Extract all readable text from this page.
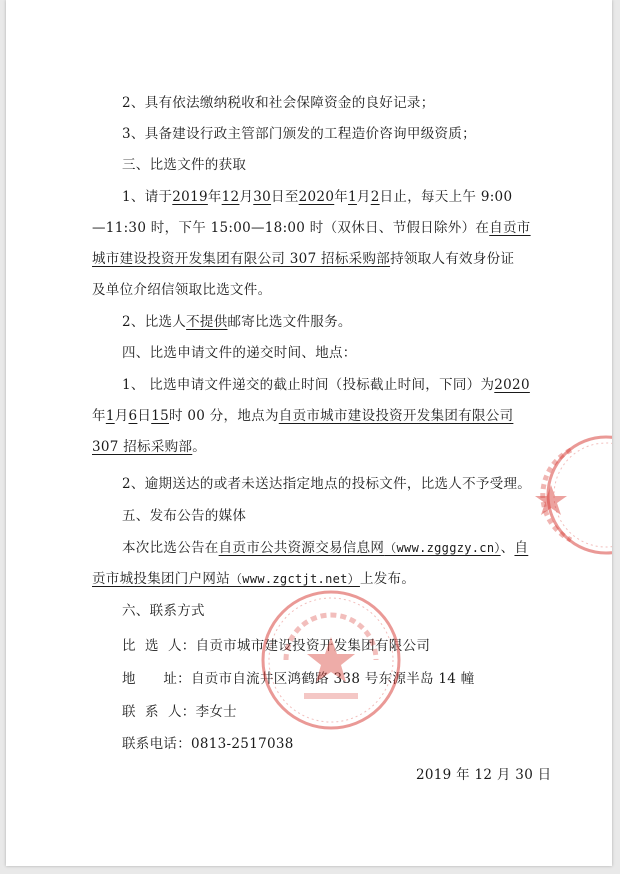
2、具有依法缴纳税收和社会保障资金的良好记录；
3、具备建设行政主管部门颁发的工程造价咨询甲级资质；
三、比选文件的获取
1、请于2019年12月30日至2020年1月2日止，每天上午 9:00
—11:30 时，下午 15:00—18:00 时（双休日、节假日除外）在自贡市
城市建设投资开发集团有限公司 307 招标采购部持领取人有效身份证
及单位介绍信领取比选文件。
2、比选人不提供邮寄比选文件服务。
四、比选申请文件的递交时间、地点：
1、 比选申请文件递交的截止时间（投标截止时间，下同）为2020
年1月6日15时 00 分，地点为自贡市城市建设投资开发集团有限公司
307 招标采购部。
2、逾期送达的或者未送达指定地点的投标文件，比选人不予受理。
五、发布公告的媒体
本次比选公告在自贡市公共资源交易信息网（www.zgggzy.cn）、自
贡市城投集团门户网站（www.zgctjt.net）上发布。
六、联系方式
比  选  人：自贡市城市建设投资开发集团有限公司
地      址：自贡市自流井区鸿鹤路 338 号东源半岛 14 幢
联  系  人：李女士
联系电话：0813-2517038
2019 年 12 月 30 日
